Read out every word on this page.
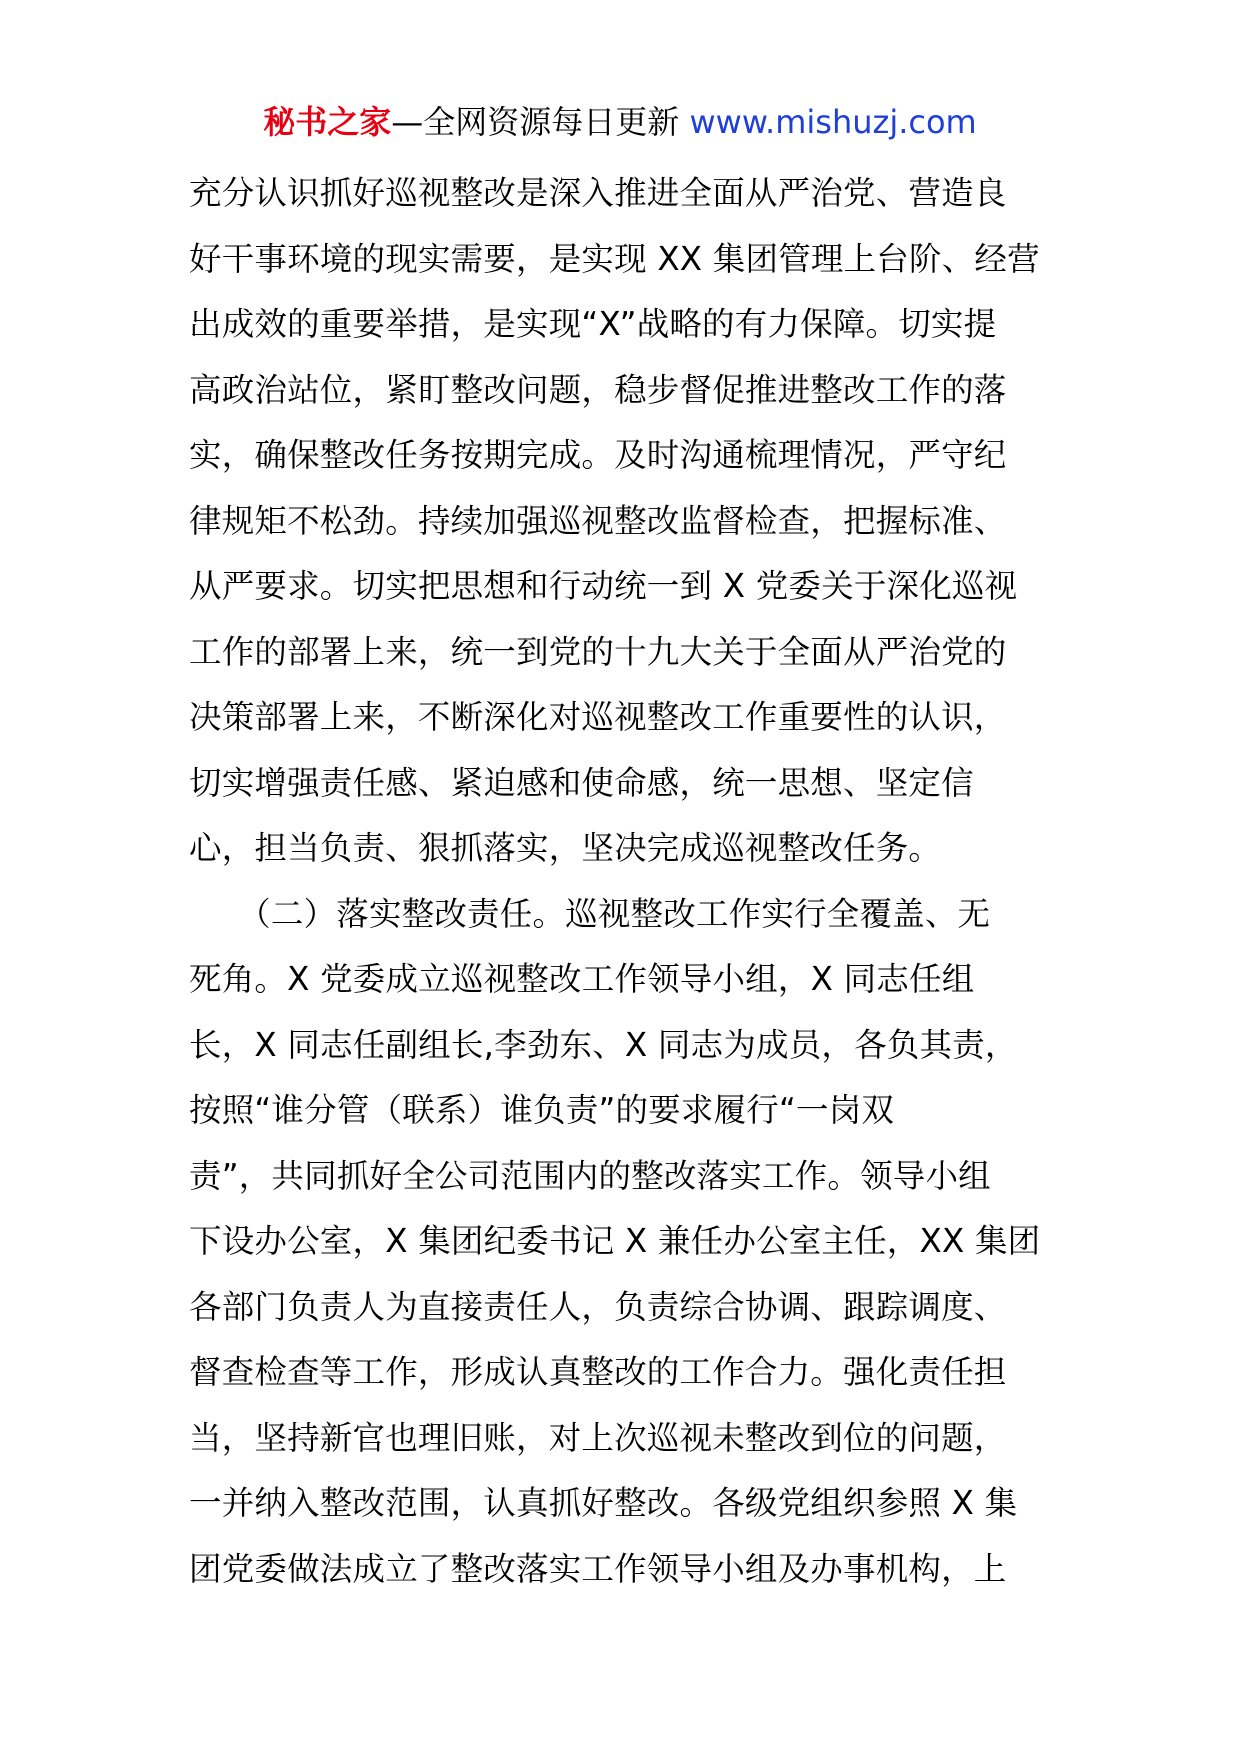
秘书之家—全网资源每日更新 www.mishuzj.com
充分认识抓好巡视整改是深入推进全面从严治党、营造良
好干事环境的现实需要，是实现 XX 集团管理上台阶、经营
出成效的重要举措，是实现“X”战略的有力保障。切实提
高政治站位，紧盯整改问题，稳步督促推进整改工作的落
实，确保整改任务按期完成。及时沟通梳理情况，严守纪
律规矩不松劲。持续加强巡视整改监督检查，把握标准、
从严要求。切实把思想和行动统一到 X 党委关于深化巡视
工作的部署上来，统一到党的十九大关于全面从严治党的
决策部署上来，不断深化对巡视整改工作重要性的认识，
切实增强责任感、紧迫感和使命感，统一思想、坚定信
心，担当负责、狠抓落实，坚决完成巡视整改任务。
　　（二）落实整改责任。巡视整改工作实行全覆盖、无
死角。X 党委成立巡视整改工作领导小组，X 同志任组
长，X 同志任副组长,李劲东、X 同志为成员，各负其责，
按照“谁分管（联系）谁负责”的要求履行“一岗双
责”，共同抓好全公司范围内的整改落实工作。领导小组
下设办公室，X 集团纪委书记 X 兼任办公室主任，XX 集团
各部门负责人为直接责任人，负责综合协调、跟踪调度、
督查检查等工作，形成认真整改的工作合力。强化责任担
当，坚持新官也理旧账，对上次巡视未整改到位的问题，
一并纳入整改范围，认真抓好整改。各级党组织参照 X 集
团党委做法成立了整改落实工作领导小组及办事机构，上
